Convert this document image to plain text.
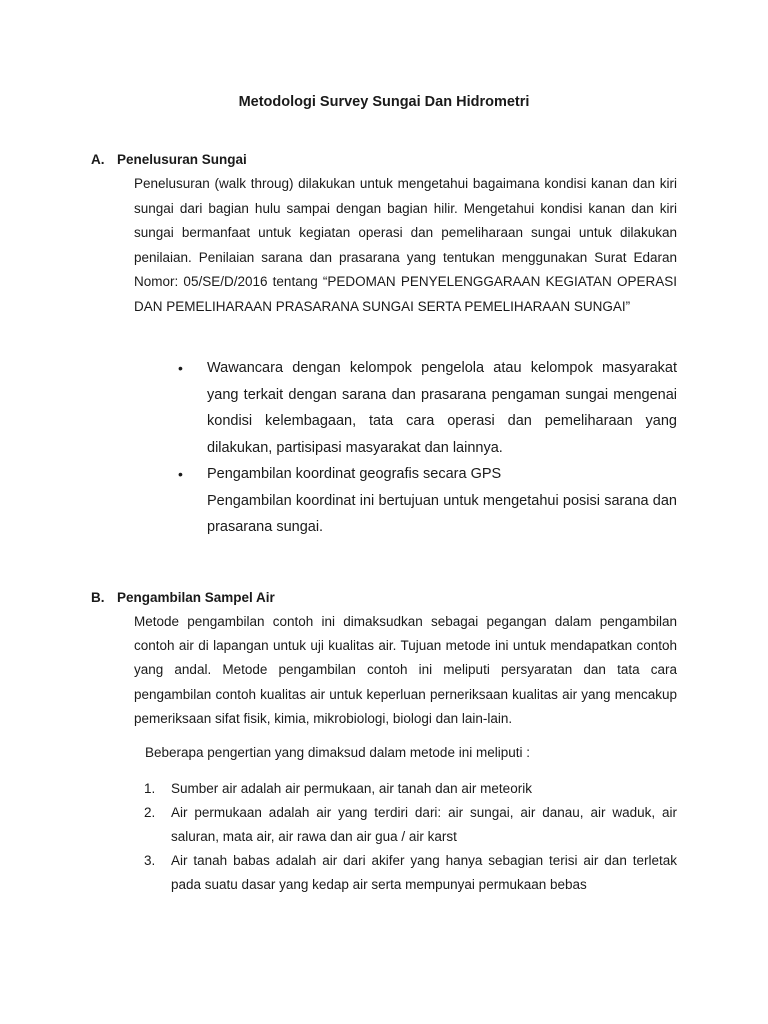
Metodologi Survey Sungai Dan Hidrometri
A. Penelusuran Sungai
Penelusuran (walk throug) dilakukan untuk mengetahui bagaimana kondisi kanan dan kiri sungai dari bagian hulu sampai dengan bagian hilir. Mengetahui kondisi kanan dan kiri sungai bermanfaat untuk kegiatan operasi dan pemeliharaan sungai untuk dilakukan penilaian. Penilaian sarana dan prasarana yang tentukan menggunakan Surat Edaran Nomor: 05/SE/D/2016 tentang “PEDOMAN PENYELENGGARAAN KEGIATAN OPERASI DAN PEMELIHARAAN PRASARANA SUNGAI SERTA PEMELIHARAAN SUNGAI”
• Wawancara dengan kelompok pengelola atau kelompok masyarakat yang terkait dengan sarana dan prasarana pengaman sungai mengenai kondisi kelembagaan, tata cara operasi dan pemeliharaan yang dilakukan, partisipasi masyarakat dan lainnya.
• Pengambilan koordinat geografis secara GPS
Pengambilan koordinat ini bertujuan untuk mengetahui posisi sarana dan prasarana sungai.
B. Pengambilan Sampel Air
Metode pengambilan contoh ini dimaksudkan sebagai pegangan dalam pengambilan contoh air di lapangan untuk uji kualitas air. Tujuan metode ini untuk mendapatkan contoh yang andal. Metode pengambilan contoh ini meliputi persyaratan dan tata cara pengambilan contoh kualitas air untuk keperluan perneriksaan kualitas air yang mencakup pemeriksaan sifat fisik, kimia, mikrobiologi, biologi dan lain-lain.
Beberapa pengertian yang dimaksud dalam metode ini meliputi :
1. Sumber air adalah air permukaan, air tanah dan air meteorik
2. Air permukaan adalah air yang terdiri dari: air sungai, air danau, air waduk, air saluran, mata air, air rawa dan air gua / air karst
3. Air tanah babas adalah air dari akifer yang hanya sebagian terisi air dan terletak pada suatu dasar yang kedap air serta mempunyai permukaan bebas
